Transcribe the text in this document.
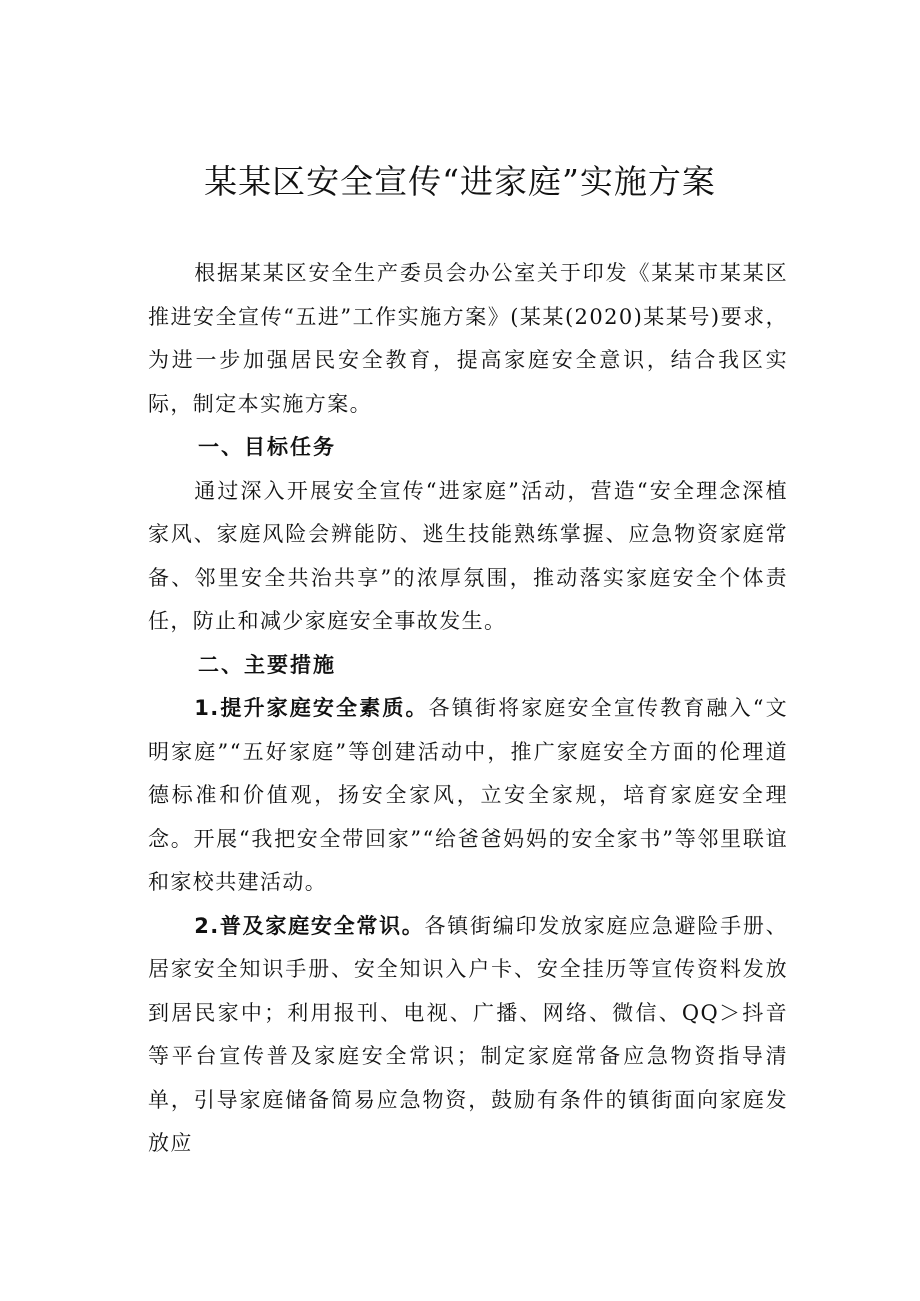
某某区安全宣传“进家庭”实施方案

根据某某区安全生产委员会办公室关于印发《某某市某某区推进安全宣传“五进”工作实施方案》(某某(2020)某某号)要求，为进一步加强居民安全教育，提高家庭安全意识，结合我区实际，制定本实施方案。

一、目标任务

通过深入开展安全宣传“进家庭”活动，营造“安全理念深植家风、家庭风险会辨能防、逃生技能熟练掌握、应急物资家庭常备、邻里安全共治共享”的浓厚氛围，推动落实家庭安全个体责任，防止和减少家庭安全事故发生。

二、主要措施

1.提升家庭安全素质。各镇街将家庭安全宣传教育融入“文明家庭”“五好家庭”等创建活动中，推广家庭安全方面的伦理道德标准和价值观，扬安全家风，立安全家规，培育家庭安全理念。开展“我把安全带回家”“给爸爸妈妈的安全家书”等邻里联谊和家校共建活动。

2.普及家庭安全常识。各镇街编印发放家庭应急避险手册、居家安全知识手册、安全知识入户卡、安全挂历等宣传资料发放到居民家中；利用报刊、电视、广播、网络、微信、QQ＞抖音等平台宣传普及家庭安全常识；制定家庭常备应急物资指导清单，引导家庭储备简易应急物资，鼓励有条件的镇街面向家庭发放应
